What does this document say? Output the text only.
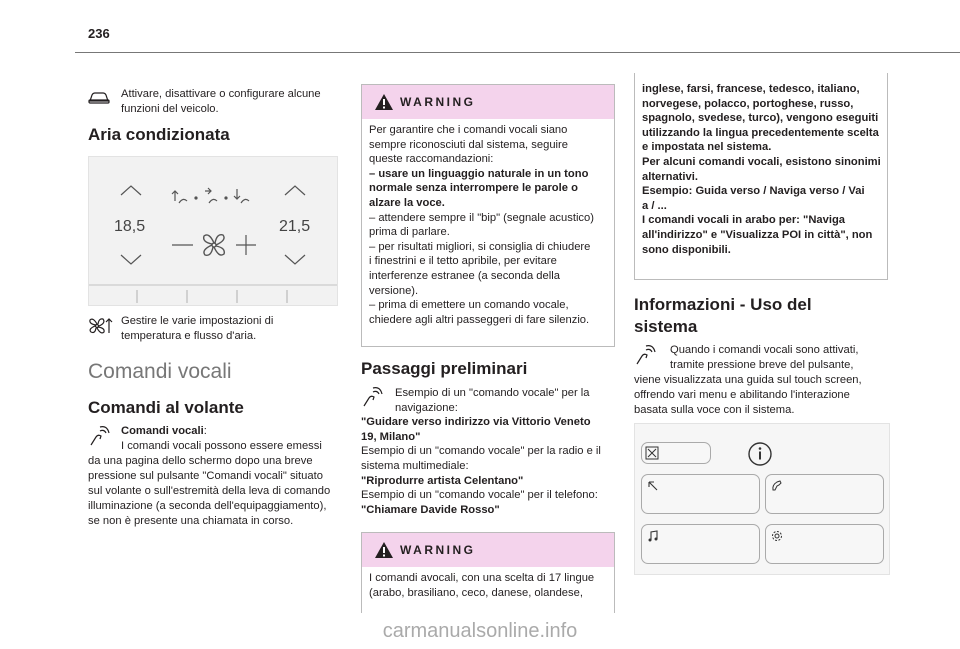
236
Attivare, disattivare o configurare alcune
funzioni del veicolo.
Aria condizionata
18,5	21,5
Gestire le varie impostazioni di
temperatura e flusso d'aria.
Comandi vocali
Comandi al volante
Comandi vocali:
I comandi vocali possono essere emessi
da una pagina dello schermo dopo una breve
pressione sul pulsante "Comandi vocali" situato
sul volante o sull'estremità della leva di comando
illuminazione (a seconda dell'equipaggiamento),
se non è presente una chiamata in corso.
WARNING
Per garantire che i comandi vocali siano
sempre riconosciuti dal sistema, seguire
queste raccomandazioni:
– usare un linguaggio naturale in un tono
normale senza interrompere le parole o
alzare la voce.
– attendere sempre il "bip" (segnale acustico)
prima di parlare.
– per risultati migliori, si consiglia di chiudere
i finestrini e il tetto apribile, per evitare
interferenze estranee (a seconda della
versione).
– prima di emettere un comando vocale,
chiedere agli altri passeggeri di fare silenzio.
Passaggi preliminari
Esempio di un "comando vocale" per la
navigazione:
"Guidare verso indirizzo via Vittorio Veneto
19, Milano"
Esempio di un "comando vocale" per la radio e il
sistema multimediale:
"Riprodurre artista Celentano"
Esempio di un "comando vocale" per il telefono:
"Chiamare Davide Rosso"
WARNING
I comandi avocali, con una scelta di 17 lingue
(arabo, brasiliano, ceco, danese, olandese,
inglese, farsi, francese, tedesco, italiano,
norvegese, polacco, portoghese, russo,
spagnolo, svedese, turco), vengono eseguiti
utilizzando la lingua precedentemente scelta
e impostata nel sistema.
Per alcuni comandi vocali, esistono sinonimi
alternativi.
Esempio: Guida verso / Naviga verso / Vai
a / ...
I comandi vocali in arabo per: "Naviga
all'indirizzo" e "Visualizza POI in città", non
sono disponibili.
Informazioni - Uso del
sistema
Quando i comandi vocali sono attivati,
tramite pressione breve del pulsante,
viene visualizzata una guida sul touch screen,
offrendo vari menu e abilitando l'interazione
basata sulla voce con il sistema.
carmanualsonline.info
